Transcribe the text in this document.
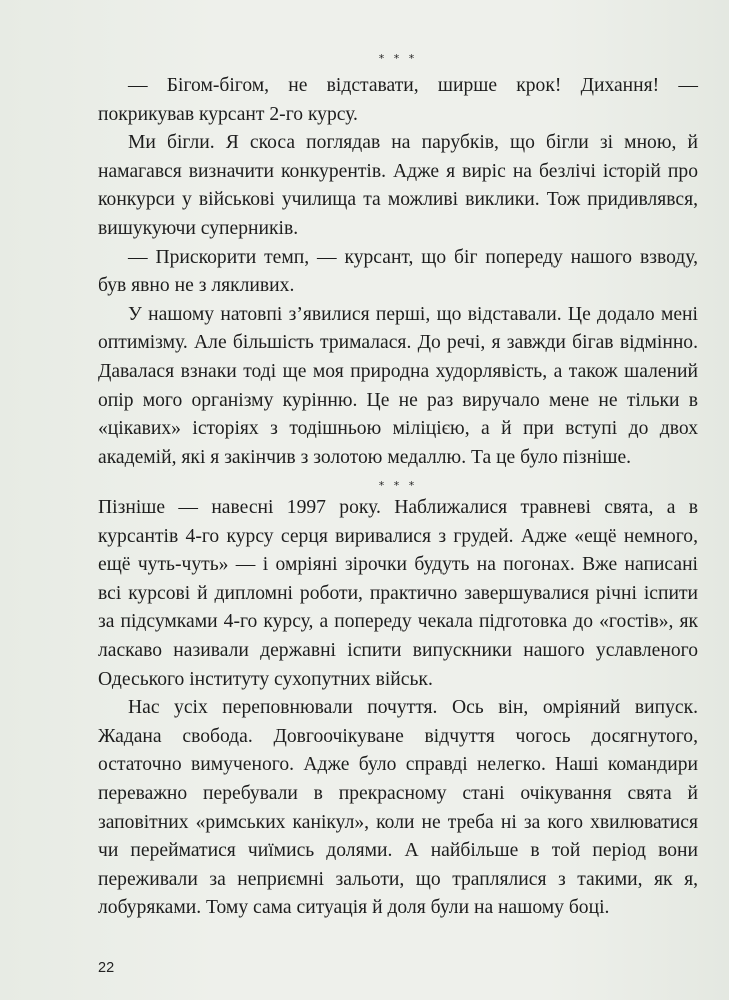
* * *

— Бігом-бігом, не відставати, ширше крок! Дихання! — покрикував курсант 2-го курсу.

Ми бігли. Я скоса поглядав на парубків, що бігли зі мною, й намагався визначити конкурентів. Адже я виріс на безлічі історій про конкурси у військові училища та можливі виклики. Тож придивлявся, вишукуючи суперників.

— Прискорити темп, — курсант, що біг попереду нашого взводу, був явно не з лякливих.

У нашому натовпі з’явилися перші, що відставали. Це додало мені оптимізму. Але більшість трималася. До речі, я завжди бігав відмінно. Давалася взнаки тоді ще моя природна худорлявість, а також шалений опір мого організму курінню. Це не раз виручало мене не тільки в «цікавих» історіях з тодішньою міліцією, а й при вступі до двох академій, які я закінчив з золотою медаллю. Та це було пізніше.

* * *

Пізніше — навесні 1997 року. Наближалися травневі свята, а в курсантів 4-го курсу серця виривалися з грудей. Адже «ещё немного, ещё чуть-чуть» — і омріяні зірочки будуть на погонах. Вже написані всі курсові й дипломні роботи, практично завершувалися річні іспити за підсумками 4-го курсу, а попереду чекала підготовка до «гостів», як ласкаво називали державні іспити випускники нашого уславленого Одеського інституту сухопутних військ.

Нас усіх переповнювали почуття. Ось він, омріяний випуск. Жадана свобода. Довгоочікуване відчуття чогось досягнутого, остаточно вимученого. Адже було справді нелегко. Наші командири переважно перебували в прекрасному стані очікування свята й заповітних «римських канікул», коли не треба ні за кого хвилюватися чи перейматися чиїмись долями. А найбільше в той період вони переживали за неприємні зальоти, що траплялися з такими, як я, лобуряками. Тому сама ситуація й доля були на нашому боці.

22
